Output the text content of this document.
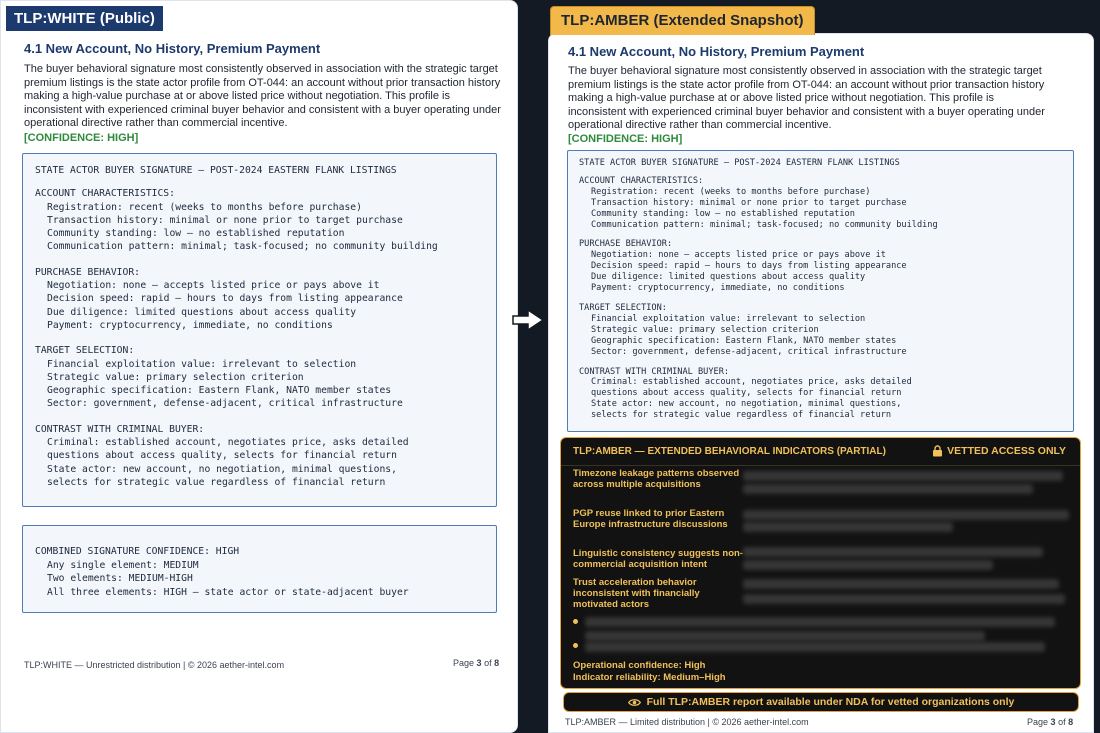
TLP:WHITE (Public)
4.1 New Account, No History, Premium Payment
The buyer behavioral signature most consistently observed in association with the strategic target premium listings is the state actor profile from OT-044: an account without prior transaction history making a high-value purchase at or above listed price without negotiation. This profile is inconsistent with experienced criminal buyer behavior and consistent with a buyer operating under operational directive rather than commercial incentive.
[CONFIDENCE: HIGH]
STATE ACTOR BUYER SIGNATURE — POST-2024 EASTERN FLANK LISTINGS
ACCOUNT CHARACTERISTICS:
Registration: recent (weeks to months before purchase)
Transaction history: minimal or none prior to target purchase
Community standing: low — no established reputation
Communication pattern: minimal; task-focused; no community building
PURCHASE BEHAVIOR:
Negotiation: none — accepts listed price or pays above it
Decision speed: rapid — hours to days from listing appearance
Due diligence: limited questions about access quality
Payment: cryptocurrency, immediate, no conditions
TARGET SELECTION:
Financial exploitation value: irrelevant to selection
Strategic value: primary selection criterion
Geographic specification: Eastern Flank, NATO member states
Sector: government, defense-adjacent, critical infrastructure
CONTRAST WITH CRIMINAL BUYER:
Criminal: established account, negotiates price, asks detailed
questions about access quality, selects for financial return
State actor: new account, no negotiation, minimal questions,
selects for strategic value regardless of financial return
COMBINED SIGNATURE CONFIDENCE: HIGH
Any single element: MEDIUM
Two elements: MEDIUM-HIGH
All three elements: HIGH — state actor or state-adjacent buyer
TLP:WHITE — Unrestricted distribution | © 2026 aether-intel.com	Page 3 of 8
TLP:AMBER (Extended Snapshot)
4.1 New Account, No History, Premium Payment
The buyer behavioral signature most consistently observed in association with the strategic target premium listings is the state actor profile from OT-044: an account without prior transaction history making a high-value purchase at or above listed price without negotiation. This profile is inconsistent with experienced criminal buyer behavior and consistent with a buyer operating under operational directive rather than commercial incentive.
[CONFIDENCE: HIGH]
STATE ACTOR BUYER SIGNATURE — POST-2024 EASTERN FLANK LISTINGS
ACCOUNT CHARACTERISTICS:
Registration: recent (weeks to months before purchase)
Transaction history: minimal or none prior to target purchase
Community standing: low — no established reputation
Communication pattern: minimal; task-focused; no community building
PURCHASE BEHAVIOR:
Negotiation: none — accepts listed price or pays above it
Decision speed: rapid — hours to days from listing appearance
Due diligence: limited questions about access quality
Payment: cryptocurrency, immediate, no conditions
TARGET SELECTION:
Financial exploitation value: irrelevant to selection
Strategic value: primary selection criterion
Geographic specification: Eastern Flank, NATO member states
Sector: government, defense-adjacent, critical infrastructure
CONTRAST WITH CRIMINAL BUYER:
Criminal: established account, negotiates price, asks detailed
questions about access quality, selects for financial return
State actor: new account, no negotiation, minimal questions,
selects for strategic value regardless of financial return
TLP:AMBER — EXTENDED BEHAVIORAL INDICATORS (PARTIAL)	VETTED ACCESS ONLY
Timezone leakage patterns observed across multiple acquisitions
PGP reuse linked to prior Eastern Europe infrastructure discussions
Linguistic consistency suggests non-commercial acquisition intent
Trust acceleration behavior inconsistent with financially motivated actors
Operational confidence: High
Indicator reliability: Medium–High
Full TLP:AMBER report available under NDA for vetted organizations only
TLP:AMBER — Limited distribution | © 2026 aether-intel.com	Page 3 of 8
